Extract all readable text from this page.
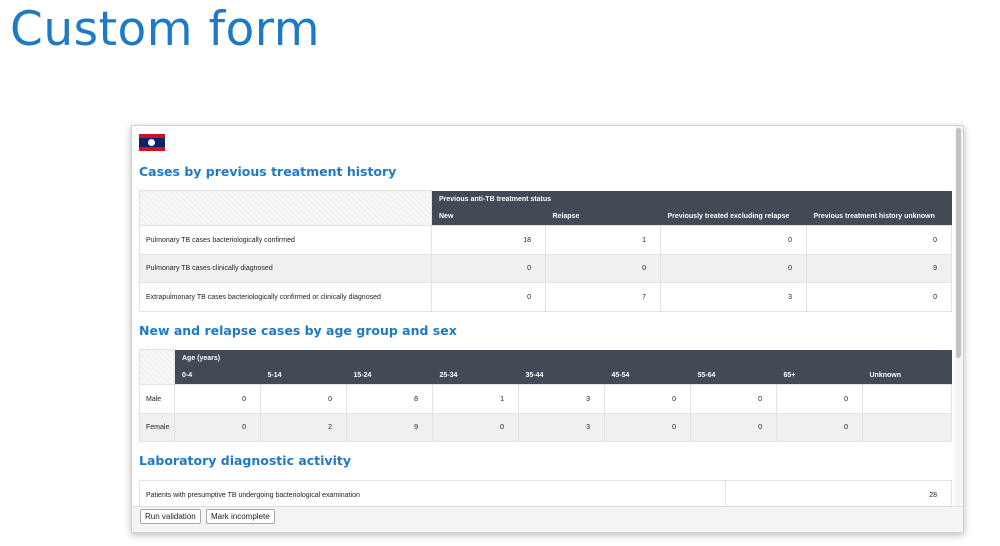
Custom form
Cases by previous treatment history
	Previous anti-TB treatment status			
	New	Relapse	Previously treated excluding relapse	Previous treatment history unknown
Pulmonary TB cases bacteriologically confirmed	18	1	0	0
Pulmonary TB cases clinically diagnosed	0	0	0	9
Extrapulmonary TB cases bacteriologically confirmed or clinically diagnosed	0	7	3	0
New and relapse cases by age group and sex
	Age (years)								
	0-4	5-14	15-24	25-34	35-44	45-54	55-64	65+	Unknown
Male	0	0	8	1	3	0	0	0	
Female	0	2	9	0	3	0	0	0	
Laboratory diagnostic activity
Patients with presumptive TB undergoing bacteriological examination	28
Run validation	Mark incomplete
